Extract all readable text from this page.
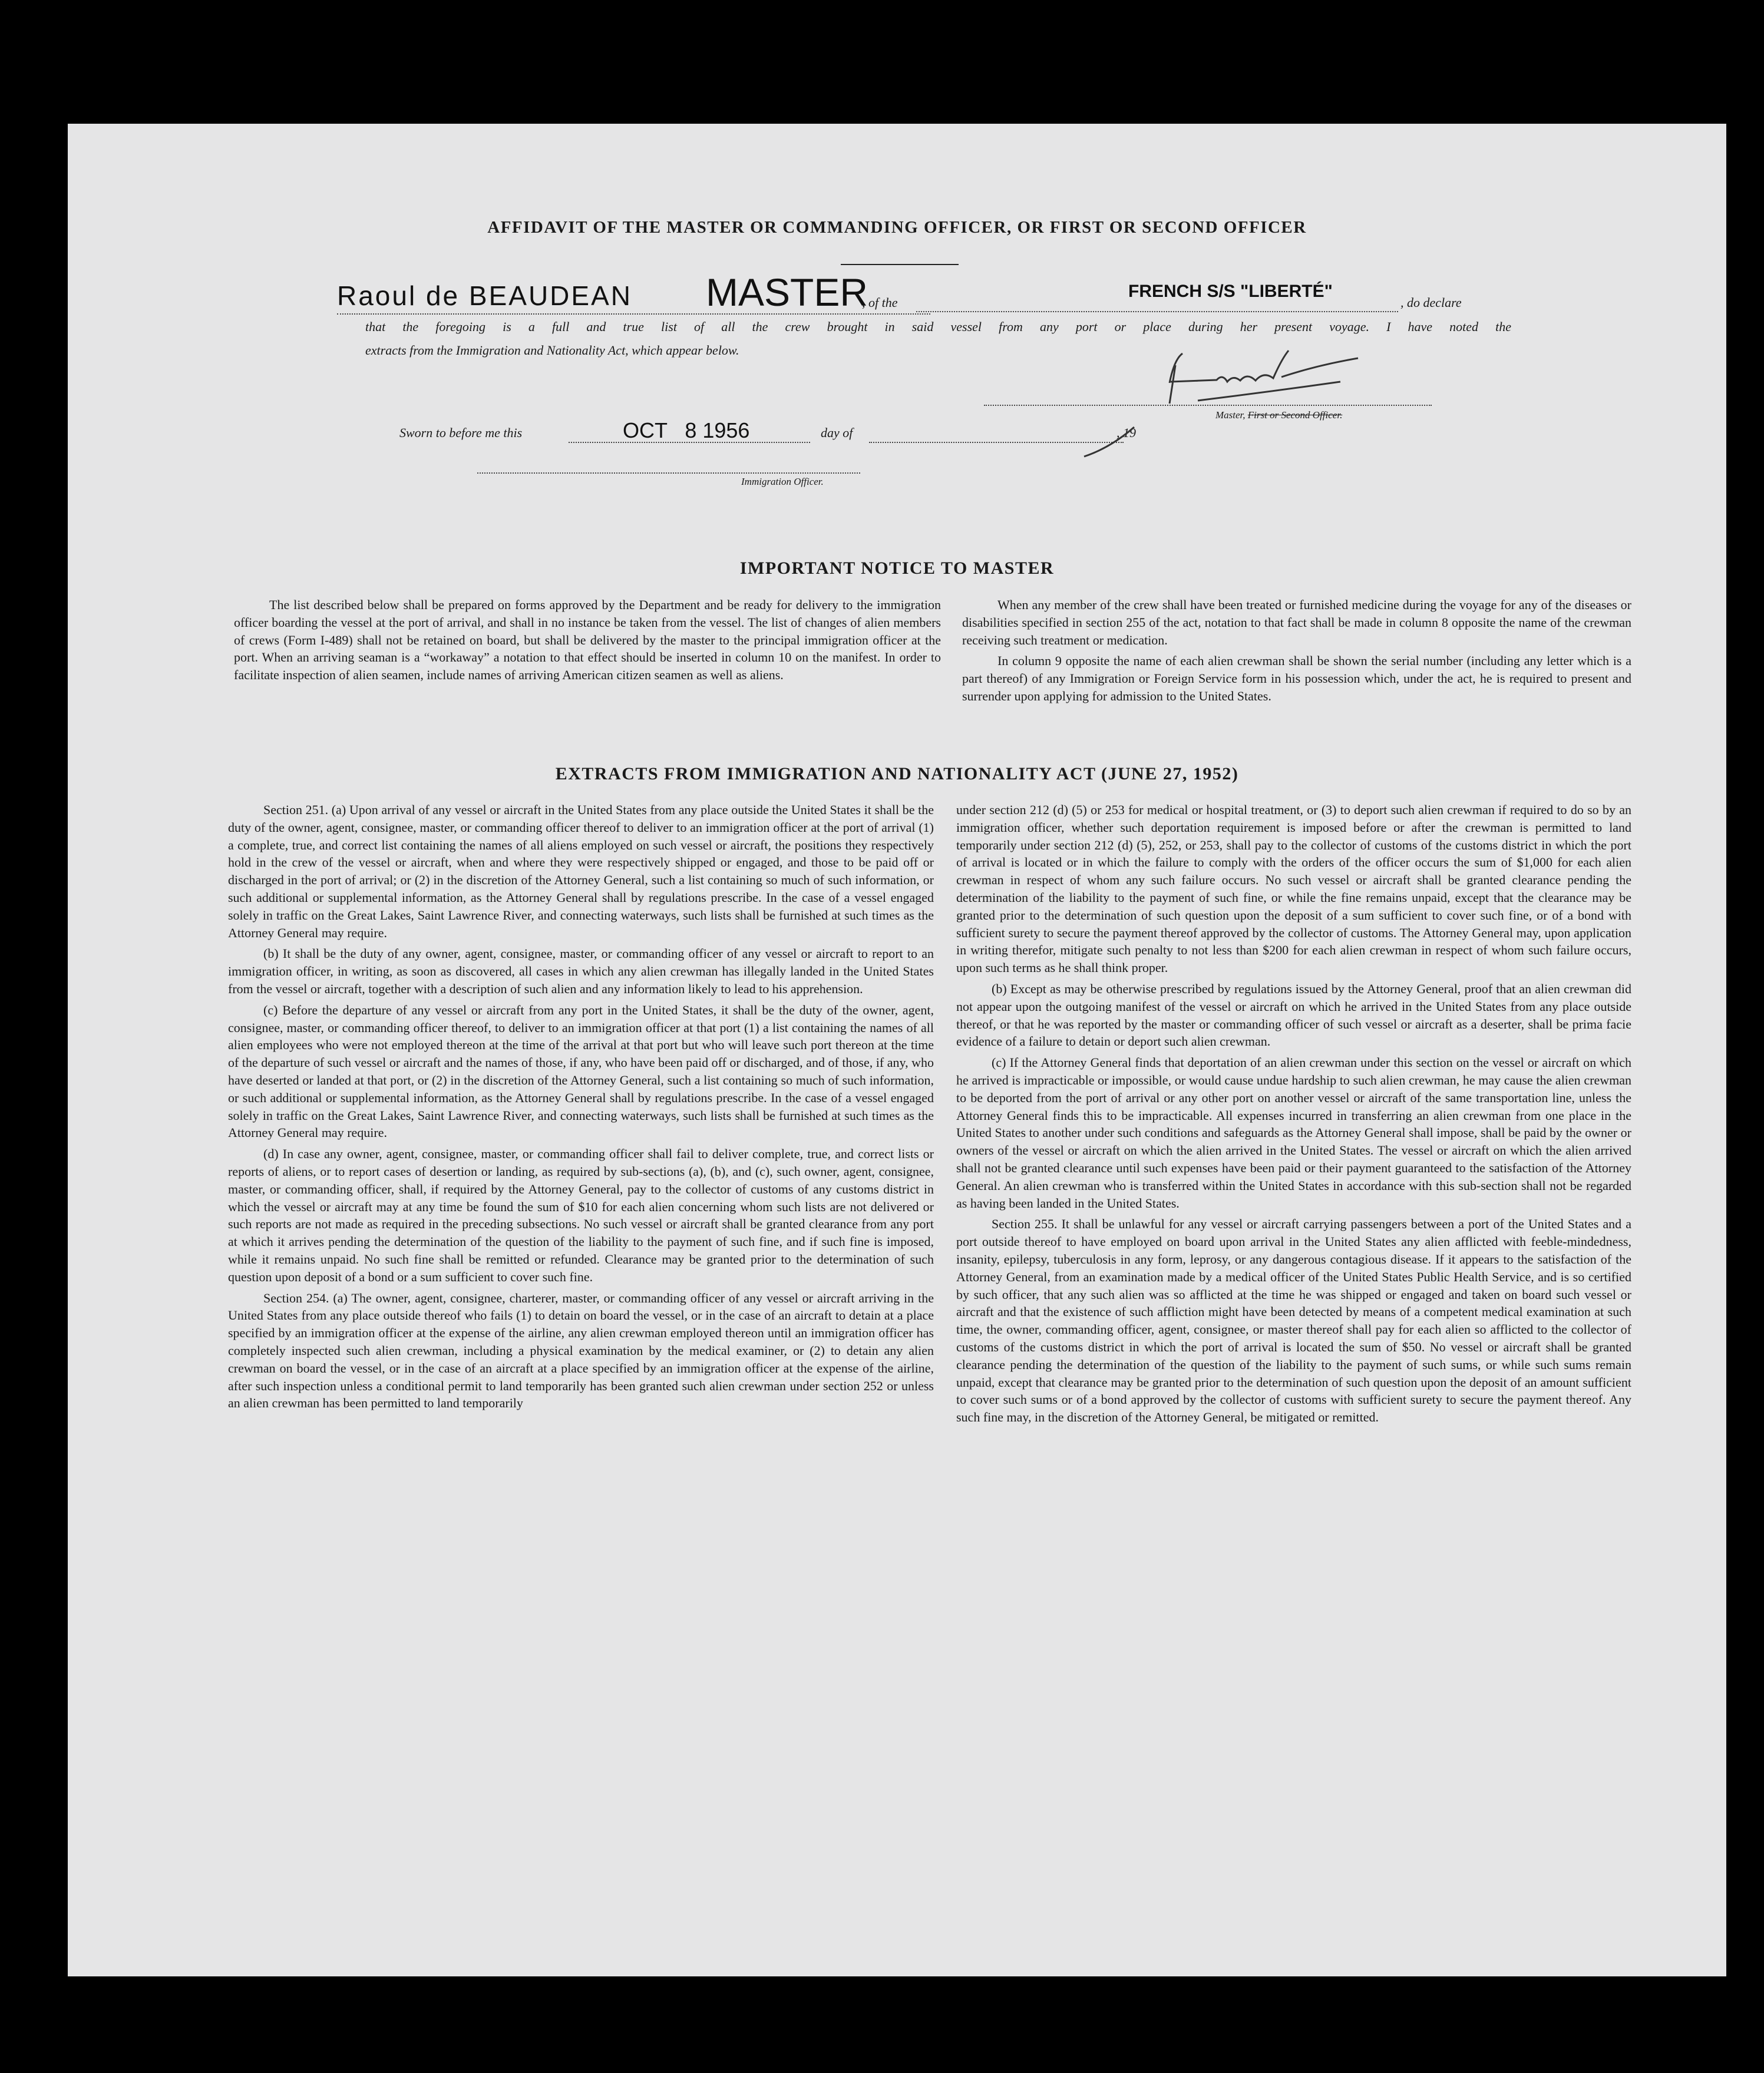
AFFIDAVIT OF THE MASTER OR COMMANDING OFFICER, OR FIRST OR SECOND OFFICER
Raoul de BEAUDEAN MASTER
, of the
FRENCH S/S "LIBERTÉ"
, do declare
that the foregoing is a full and true list of all the crew brought in said vessel from any port or place during her present voyage. I have noted the
extracts from the Immigration and Nationality Act, which appear below.
Master, First or Second Officer.
Sworn to before me this	OCT   8 1956	day of	, 19
Immigration Officer.
IMPORTANT NOTICE TO MASTER

The list described below shall be prepared on forms approved by the Department and be ready for delivery to the immigration officer boarding the vessel at the port of arrival, and shall in no instance be taken from the vessel. The list of changes of alien members of crews (Form I-489) shall not be retained on board, but shall be delivered by the master to the principal immigration officer at the port. When an arriving seaman is a “workaway” a notation to that effect should be inserted in column 10 on the manifest. In order to facilitate inspection of alien seamen, include names of arriving American citizen seamen as well as aliens.

When any member of the crew shall have been treated or furnished medicine during the voyage for any of the diseases or disabilities specified in section 255 of the act, notation to that fact shall be made in column 8 opposite the name of the crewman receiving such treatment or medication.

In column 9 opposite the name of each alien crewman shall be shown the serial number (including any letter which is a part thereof) of any Immigration or Foreign Service form in his possession which, under the act, he is required to present and surrender upon applying for admission to the United States.

EXTRACTS FROM IMMIGRATION AND NATIONALITY ACT (JUNE 27, 1952)

Section 251. (a) Upon arrival of any vessel or aircraft in the United States from any place outside the United States it shall be the duty of the owner, agent, consignee, master, or commanding officer thereof to deliver to an immigration officer at the port of arrival (1) a complete, true, and correct list containing the names of all aliens employed on such vessel or aircraft, the positions they respectively hold in the crew of the vessel or aircraft, when and where they were respectively shipped or engaged, and those to be paid off or discharged in the port of arrival; or (2) in the discretion of the Attorney General, such a list containing so much of such information, or such additional or supplemental information, as the Attorney General shall by regulations prescribe. In the case of a vessel engaged solely in traffic on the Great Lakes, Saint Lawrence River, and connecting waterways, such lists shall be furnished at such times as the Attorney General may require.

(b) It shall be the duty of any owner, agent, consignee, master, or commanding officer of any vessel or aircraft to report to an immigration officer, in writing, as soon as discovered, all cases in which any alien crewman has illegally landed in the United States from the vessel or aircraft, together with a description of such alien and any information likely to lead to his apprehension.

(c) Before the departure of any vessel or aircraft from any port in the United States, it shall be the duty of the owner, agent, consignee, master, or commanding officer thereof, to deliver to an immigration officer at that port (1) a list containing the names of all alien employees who were not employed thereon at the time of the arrival at that port but who will leave such port thereon at the time of the departure of such vessel or aircraft and the names of those, if any, who have been paid off or discharged, and of those, if any, who have deserted or landed at that port, or (2) in the discretion of the Attorney General, such a list containing so much of such information, or such additional or supplemental information, as the Attorney General shall by regulations prescribe. In the case of a vessel engaged solely in traffic on the Great Lakes, Saint Lawrence River, and connecting waterways, such lists shall be furnished at such times as the Attorney General may require.

(d) In case any owner, agent, consignee, master, or commanding officer shall fail to deliver complete, true, and correct lists or reports of aliens, or to report cases of desertion or landing, as required by sub-sections (a), (b), and (c), such owner, agent, consignee, master, or commanding officer, shall, if required by the Attorney General, pay to the collector of customs of any customs district in which the vessel or aircraft may at any time be found the sum of $10 for each alien concerning whom such lists are not delivered or such reports are not made as required in the preceding subsections. No such vessel or aircraft shall be granted clearance from any port at which it arrives pending the determination of the question of the liability to the payment of such fine, and if such fine is imposed, while it remains unpaid. No such fine shall be remitted or refunded. Clearance may be granted prior to the determination of such question upon deposit of a bond or a sum sufficient to cover such fine.

Section 254. (a) The owner, agent, consignee, charterer, master, or commanding officer of any vessel or aircraft arriving in the United States from any place outside thereof who fails (1) to detain on board the vessel, or in the case of an aircraft to detain at a place specified by an immigration officer at the expense of the airline, any alien crewman employed thereon until an immigration officer has completely inspected such alien crewman, including a physical examination by the medical examiner, or (2) to detain any alien crewman on board the vessel, or in the case of an aircraft at a place specified by an immigration officer at the expense of the airline, after such inspection unless a conditional permit to land temporarily has been granted such alien crewman under section 252 or unless an alien crewman has been permitted to land temporarily

under section 212 (d) (5) or 253 for medical or hospital treatment, or (3) to deport such alien crewman if required to do so by an immigration officer, whether such deportation requirement is imposed before or after the crewman is permitted to land temporarily under section 212 (d) (5), 252, or 253, shall pay to the collector of customs of the customs district in which the port of arrival is located or in which the failure to comply with the orders of the officer occurs the sum of $1,000 for each alien crewman in respect of whom any such failure occurs. No such vessel or aircraft shall be granted clearance pending the determination of the liability to the payment of such fine, or while the fine remains unpaid, except that the clearance may be granted prior to the determination of such question upon the deposit of a sum sufficient to cover such fine, or of a bond with sufficient surety to secure the payment thereof approved by the collector of customs. The Attorney General may, upon application in writing therefor, mitigate such penalty to not less than $200 for each alien crewman in respect of whom such failure occurs, upon such terms as he shall think proper.

(b) Except as may be otherwise prescribed by regulations issued by the Attorney General, proof that an alien crewman did not appear upon the outgoing manifest of the vessel or aircraft on which he arrived in the United States from any place outside thereof, or that he was reported by the master or commanding officer of such vessel or aircraft as a deserter, shall be prima facie evidence of a failure to detain or deport such alien crewman.

(c) If the Attorney General finds that deportation of an alien crewman under this section on the vessel or aircraft on which he arrived is impracticable or impossible, or would cause undue hardship to such alien crewman, he may cause the alien crewman to be deported from the port of arrival or any other port on another vessel or aircraft of the same transportation line, unless the Attorney General finds this to be impracticable. All expenses incurred in transferring an alien crewman from one place in the United States to another under such conditions and safeguards as the Attorney General shall impose, shall be paid by the owner or owners of the vessel or aircraft on which the alien arrived in the United States. The vessel or aircraft on which the alien arrived shall not be granted clearance until such expenses have been paid or their payment guaranteed to the satisfaction of the Attorney General. An alien crewman who is transferred within the United States in accordance with this sub-section shall not be regarded as having been landed in the United States.

Section 255. It shall be unlawful for any vessel or aircraft carrying passengers between a port of the United States and a port outside thereof to have employed on board upon arrival in the United States any alien afflicted with feeble-mindedness, insanity, epilepsy, tuberculosis in any form, leprosy, or any dangerous contagious disease. If it appears to the satisfaction of the Attorney General, from an examination made by a medical officer of the United States Public Health Service, and is so certified by such officer, that any such alien was so afflicted at the time he was shipped or engaged and taken on board such vessel or aircraft and that the existence of such affliction might have been detected by means of a competent medical examination at such time, the owner, commanding officer, agent, consignee, or master thereof shall pay for each alien so afflicted to the collector of customs of the customs district in which the port of arrival is located the sum of $50. No vessel or aircraft shall be granted clearance pending the determination of the question of the liability to the payment of such sums, or while such sums remain unpaid, except that clearance may be granted prior to the determination of such question upon the deposit of an amount sufficient to cover such sums or of a bond approved by the collector of customs with sufficient surety to secure the payment thereof. Any such fine may, in the discretion of the Attorney General, be mitigated or remitted.
